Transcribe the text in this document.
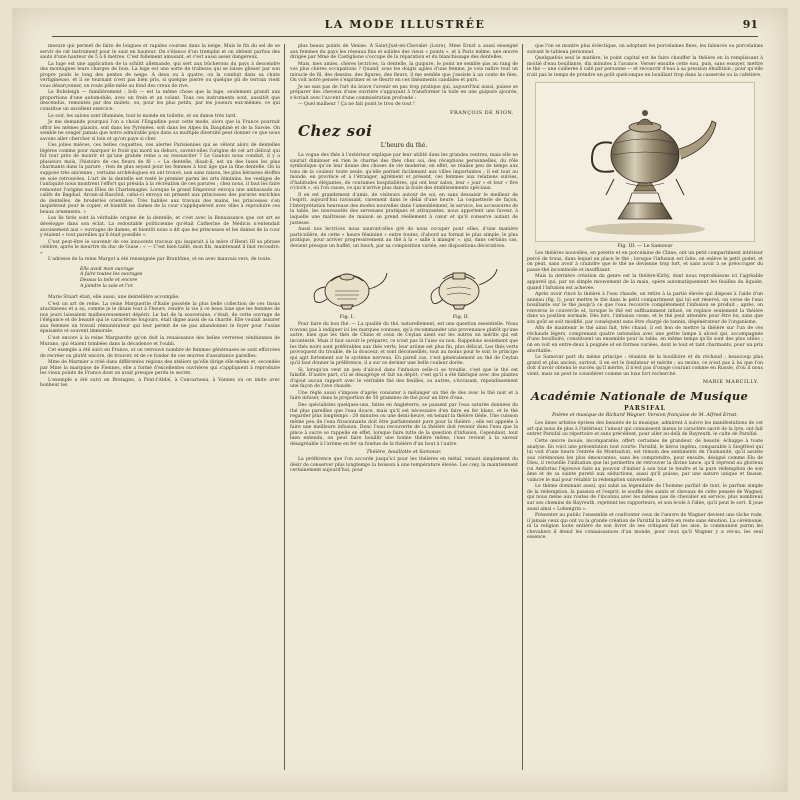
LA MODE ILLUSTRÉE	91

mesure qui permet de faire de longues et rapides courses dans la neige. Mais le fin du sel de se servir de cet instrument pour le saut en hauteur. On s'élance d'un tremplin et on obtient parfois des sauts d'une hauteur de 5 à 6 mètres. C'est follement amusant, et c'est aussi assez dangereux.

La luge est une application de la schlitt allemande, qui sert aux bûcherons du pays à descendre des montagnes leurs charges de bois. La luge est une sorte de traîneau qui se laisse glisser par son propre poids le long des pentes de neige. À deux ou à quatre, on la conduit dans sa chute vertigineuse, et il se tournant n'est pas bien pris, si quelque pierre ou quelque pli de terrain vient vous désarçonner, on roule pêle-mêle au fond des creux de rive.

Le Bobsleigh — familièrement : bob — est la même chose que la luge, seulement grandi aux proportions d'une automobile, avec un frein et un volant. Tous ces instruments sont, aussitôt que descendus, remontés par des mulets, ou, pour les plus petits, par les joueurs eux-mêmes, ce qui constitue un excellent exercice.

Le soir, les salons sont illuminés, tout le monde en toilette, et on danse très tard.

Je me demande pourquoi l'on a choisi l'Engadine pour cette mode, alors que la France pourrait offrir les mêmes plaisirs, soit dans les Pyrénées, soit dans les Alpes du Dauphiné et de la Savoie. On semble ne songer jamais que notre admirable pays dans sa multiple diversité peut donner ce que nous savons aller chercher si loin et qu'on paye si cher.

Ces jolies mièces, ces belles coquettes, ces alertes Parisiennes qui se vêtent alors de dentelles légères comme pour marquer le froid qui mord au dehors, savent-elles l'origine de cet art délicat qui fut tout près de mourir et qu'une grande reine a su ressusciter ? Le Gaulois nous conduit, il y a plusieurs mois, l'histoire de ces fleurs de fil : « La dentelle, disait-il, est un des luxes les plus charmants dans la parure ; rien de plus seyant pour les femmes à tout âge que la fine dentelle. On la suppose très ancienne ; certains archéologues en ont trouvé, non sans raison, les plus bérasses étoffes en soie retrouvées. L'art de la dentelle est resté le premier parmi les arts féminins, les vestiges de l'antiquité nous montrent l'effort qui présida à la récréation de ces parures ; chez nous, il faut les faire remonter l'origine aux Elles de Charlemagne. Lorsque le grand Empereur envoya une ambassade au calife de Bagdad, Aroun-al-Raschid, celui-ci envoya en présent aux princesses des parures enrichies de dentelles, de broderies orientales. Très habiles aux travaux des mains, les princesses s'en inspirèrent pour le copier, et bientôt les dames de la cour s'appliquèrent avec elles à reproduire ces beaux ornements. »

Les lis tirés sont la véritable origine de la dentelle, et c'est avec la Renaissance que cet art se développe dans son éclat. La redoutable politicienne qu'était Catherine de Médicis n'entendait aucunement aux « ouvrages de dames, et bientôt nous a dit que les princesses et les dames de la cour y étaient « tout pareilles qu'il était possible ».

C'est peut-être le souvenir de ces innocents travaux qui inspirait à la mère d'Henri III sa phrase célèbre, après le meurtre du duc de Guise : « — C'est bien taillé, mon fils, maintenant il faut recoudre. »

L'adresse de la reine Margot a été renseignée par Brantôme, et en avec mauvais vers, de toute.

Elle avoit mon ouvrage
A faire toutes les ouvrages
Dessus la toile et encore
A joindre la soie et l'or.

Marie Stuart était, elle aussi, une dentellière accomplie.

C'est un art de reine. La reine Marguerite d'Italie possède la plus belle collection de ces tissus arachnéens et a su, comme je le disais tout à l'heure, rendre la vie à ce beau luxe que les femmes de nos jours laissaient malheureusement dépérir. Le but de la souveraine, c'était, de cette ouvrage de l'élégance et de beauté qui le caractérise toujours, était digne aussi de sa charité. Elle voulait assurer aux femmes un travail rémunérateur qui leur permit de ne pas abandonner le foyer pour l'usine épuisante et souvent immorale.

C'est encore à la reine Marguerite qu'on doit la renaissance des belles verreries vénitiennes de Murano, qui étaient tombées dans la décadence et l'oubli.

Cet exemple a été suivi en France, et on retrouve nombre de femmes généreuses se sont efforcées de recréer ou plutôt encore, de trouver, et de ce fonder de ces œuvres d'assistance pareilles.

Mme de Marmier a créé dans différentes régions des ateliers qu'elle dirige elle-même et, secondée par Mme la marquise de Fiennes, elle a formé d'excellentes ouvrières qui s'appliquent à reproduire les vieux points de France dont on avait presque perdu le secret.

L'exemple a été suivi en Bretagne, à Pont-l'Abbé, à Concarneau, à Vannes où on imite avec bonheur les

plus beaux points de Venise. À Saint-Just-en-Chevalet (Loire), Mme Ernst a aussi enseigné aux femmes du pays les réseaux fins et solides des vieux « points », et à Paris même, une œuvre dirigée par Mme de Castiglione s'occupe de la réparation et du blanchissage des dentelles.

Mais, mes amies, chères lectrices, la dentelle, la guipure, le point ne semble pas au rang de vos plus chères occupations ? Quand, sous les doigts agiles d'une femme, je vois naître tout un miracle de fil, des dessins, des figures, des fleurs, il me semble que j'assiste à un conte de fées. On voit notre pensée s'exprimer et se fleurir en ces linéaments candides et purs.

Je ne sais pas de l'art du brave l'avenir en pas trop pratique qui, aujourd'hui aussi, puisse se préparer des cheveux d'une ouvrière s'appuyant à transformer la toile en une guipure ajourée, s'écriait avec l'accent d'une commisération profonde :

— Quel malheur ! Ça ne fait point le trou de tout !

FRANÇOIS DE NION.
Chez soi
L'heure du thé.

La vogue des thés à l'extérieur explique par leur utilité dans les grandes centres, mais elle ne saurait diminuer en rien le charme des thés chez soi, des réceptions personnelles, du rôle symbolique qu'on leur donne des choses de vie moderne, en effet, se réalise peu de temps aux tons de la couleur toute seule, qu'elle permet facilement aux villes importantes ; il est tout au monde, en province et à l'étranger, agrément et présent, ces femmes aux relations suivies, d'habitudes élégantes, de coutumes hospitalières, qui ont leur salon, leur « jour » et leur « five o'clock », où l'on cause, ce qui n'arrive plus dans la foule des établissements spéciaux.

Il en est grandement d'amis, de visiteurs autour de soi, en sans dessaisir le meilleur de l'esprit, aujourd'hui ravissant, rarement dans le délai d'une heure. La coquetterie de façon, l'interprétation heureuse des modes nouvelles dans l'ameublement, le service, les accessoires de la table, les nouveautés des serveuses pratiques et attrayantes, nous apportent une faveur, à laquelle une maîtresse de maison se prend réellement à cœur et qu'il conserve autant de justesse.

Aussi nos lectrices nous sauront-elles gré de nous occuper pour elles, d'une manière particulière, de cette « heure féminine » entre toutes, d'abord au format le plus simple, le plus pratique, pour arriver progressivement au thé à la « salle à manger », qui, dans certains cas, devient presque un buffet, un lunch, par sa composition variée, ses dispositions décoratives.

Fig. I.	Fig. II.

Pour faire du bon thé. — La qualité du thé, naturellement, est une question essentielle. Nous n'avons pas à indiquer ici les marques connues, qu'à recommander une provenance plutôt qu'une autre, bien que les thés de Chine et ceux de Ceylan aient sur les autres un mérite qui est incontesté. Mais il faut savoir le préparer, ce n'est pas là l'aise ou non. Rappelons seulement que les thés noirs sont préférables aux thés verts, leur arôme est plus fin, plus délicat. Les thés verts provoquent du trouble, de la douceur, et sont déconseillés, tout au moins pour le soir, le principe qui agit fortement sur le système nerveux. En pareil cas, c'est généralement au thé de Ceylan qu'il faut donner la préférence, il a sur ce dernier une belle couleur dorée.

Si, lorsqu'on veut un peu d'alcool dans l'infusion celle-ci se trouble, c'est que le thé est falsifié. D'autre part, s'il se désagrège et fait un dépôt, c'est qu'il a été fabriqué avec des plantes d'ajout aucun rapport avec le véritable thé des feuilles, ou autres, s'écrasant, répondissement une façon de l'ave chaude.

Une règle aussi s'impose d'après consister à mélanger un thé de des avec le thé noir et à faire infuser, dans la proportion de 50 grammes de thé pour un litre d'eau.

Des spécialistes quelques-uns, faites en Angleterre, se passent par l'eau saturée données du thé plus pareilles que l'eau douce, mais qu'il est nécessaire d'en faire en fer blanc, et le thé regarder plus longtemps : 20 minutes ou une demi-heure, en tenant la théière tiède. Une cuisson même peu de l'eau frissonnante doit être parfaitement pure pour la théière ; elle est appelée à faire une meilleure infusion. Donc l'eau recouverte de la théière doit revenir dans l'eau que la pince à sucre se rappelle en effet, lorsque faire lutte de la question d'infusion. Cependant, tout bien entendu, on peut faire bouillir une bonne théière même, l'eau revient à la saveur désagréable à l'arôme en fer sa fondue de la théière d'un bout à l'autre.

Théière, bouillotte et Samovar.

La préférence que l'on accorde jusqu'ici pour les théières en métal, venant simplement du désir de conserver plus longtemps la boisson à une température élevée. Les cœy, la maintiennent certainement aujourd'hui, pour

que l'on se montre plus éclectique, on adoptant les porcelaines fines, les faïences ou porcelaines suivant le tableau personnel.

Quelquefois seul le matière, le point capital est de faire chauffer la théière en la remplissant à moitié d'eau bouillante, dix minutes à l'avance. Verser ensuite cette eau, puis, sans essuyer, mettre le thé — une cuillerée à café par personne — et recouvrir d'eau à sa pression ébullition ; pour qu'elle n'ait pas le temps de prendre un goût quelconque en bouillant trop dans la casserole ou la cafetière.

Fig. III. — Le Samovar

Les théières nouvelles, en poterie et en porcelaine de Chine, ont un petit compartiment intérieur percé de trous, dans lequel on place le thé ; lorsque l'infusion est faite, on enlève le petit godet, et on peut, sans avoir à craindre que le thé ne devienne trop fort, et sans avoir à se préoccuper du passe-thé incommode et insuffisant.

Mais la dernière création du genre est la théière-Kirby, dont nous reproduisons ici l'agréable appareil qui, par un simple mouvement de la main, opère automatiquement les feuilles du liquide, quand l'infusion est achevée.

Après avoir rincé la théière à l'eau chaude, on retire à la partie élevée qui dispose à l'aide d'un anneau (fig. I), pour mettre le thé dans le petit compartiment qui lui est réservé, on verse de l'eau bouillante sur le thé jusqu'à ce que l'eau recouvre complètement l'infusion se produit ; après, on renverse le couvercle et, lorsque le thé est suffisamment infusé, on replace seulement la théière dans sa position normale. Dès lors, l'infusion cesse, et le thé peut attendre pour être bu, sans que son goût se soit modifié, par conséquent sans être chargé de tannin, dégénérateur de l'organisme.

Afin de maintenir le thé ainsi fait, très chaud, il est bon de mettre la théière sur l'un de ces réchauds légers, comprenant quatre ustensiles avec une petite lampe à alcool qui, accompagnée d'une bouilloire, constituent un ensemble pour la table, en même temps qu'ils sont des plus utiles ; on en voit en entre-deux à poignée et en formes variées, dont le tout et tant charmants, pour un prix abordable.

Le Samovar part du même principe : réunion de la bouilloire et du réchaud ; beaucoup plus grand et plus ancien, surtout, il en est le fondateur et mérite ; au moins, ce n'est pas à lui que l'on doit d'avoir obtenu le succès qu'il mérite, il n'est pas d'usage courant comme en Russie, d'où il nous vient, mais on peut le considérer comme un luxe fort recherché.

MARIE MARCILLY.
Académie Nationale de Musique
PARSIFAL
Poème et musique de Richard Wagner. Version française de M. Alfred Ernst.

Les âmes artistes éprises des beautés de la musique, admirent à suivre les manifestations de cet art qui nous de plus à l'intérieur, l'amour qui connaissent mieux le caractère sacré de la lyre, ont fait entrer Parsifal au répertoire et sans précédent, pour aller au-delà de Bayreuth, le culte de Parsifal.

Cette œuvre inouïe, incomparable, offert certaines de grandeur, de beauté, échappe à toute analyse. En voici une présentation tout courte. Parsifal, le héros ingénu, comparable à Siegfried qui lui voit d'une heure l'entrée de Montsalvat, est témoin des sentiments de l'humanité, qu'il assiste aux cérémonies les plus émouvantes, sans les comprendre, pour ensuite, désigné comme Elu de Dieu, il recueille l'initiation que lui permettra de retrouver la divine lance, qu'il reprend au glorieux roi Amfortas l'épreuve faite au pouvoir d'initier à son tour le tendre et la pure rédemption de son âme et de sa sainte pureté aux séductions, aussi qu'il puisse, par une nature unique et fausse, vaincre le mal pour rétablir la rédemption universelle.

Le thème dominant aussi, qui salut au légendaire de l'homme parfait de tout, le parfum simple de la rédemption, la passion et l'esprit, le souffle des saints et chevaux de cette pensée de Wagner, qui nous mène aux routes de l'inconnu avec les mêmes pas de chevalier en service, plus nombreux sur ses chemins de Bayreuth, rejettent les rapporteurs, et son école à l'idée, qu'il peut le sort. Il joue aussi ainsi « Lohengrin ».

Présenter au public l'ensemble et confronter ceux de l'œuvre de Wagner devient une tâche rude, il jamais ceux qui ont vu la grande création de Parsifal la nôtre en reste sans émotion. La cérémonie, ni la religion toute entière de son livret de ses critiques fait les aise, la communion parmi les chevaliers il étend les connaissances d'un monde, pour ceux qu'il Wagner y a vécus, les seul essence.
